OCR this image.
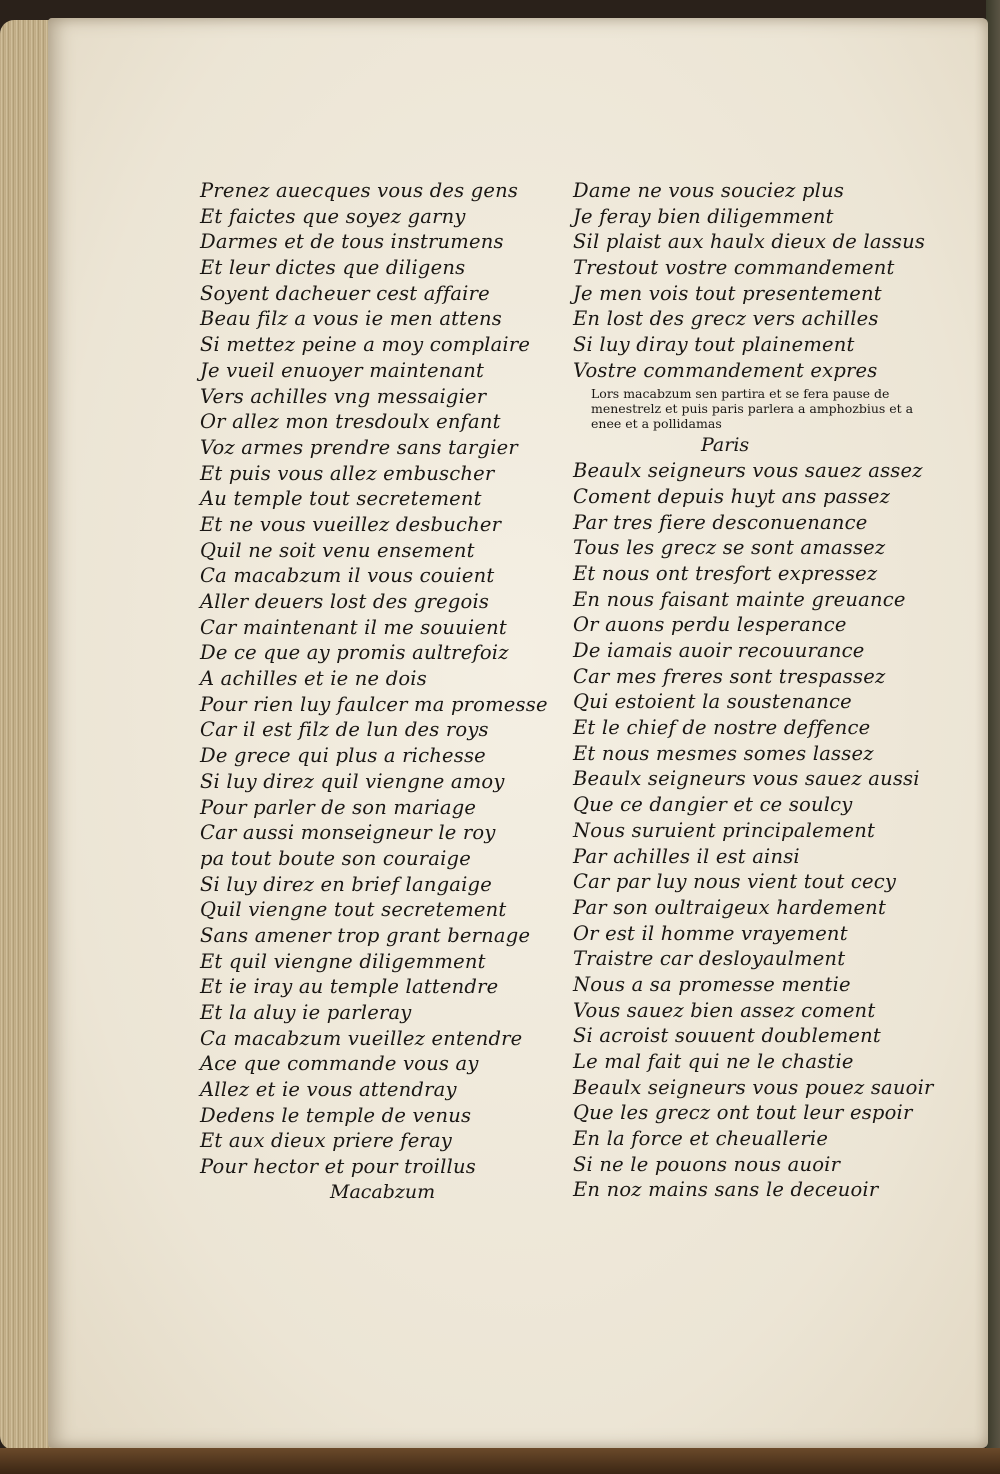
Prenez auecques vous des gens
Et faictes que soyez garny
Darmes et de tous instrumens
Et leur dictes que diligens
Soyent dacheuer cest affaire
Beau filz a vous ie men attens
Si mettez peine a moy complaire
Je vueil enuoyer maintenant
Vers achilles vng messaigier
Or allez mon tresdoulx enfant
Voz armes prendre sans targier
Et puis vous allez embuscher
Au temple tout secretement
Et ne vous vueillez desbucher
Quil ne soit venu ensement
Ca macabzum il vous couient
Aller deuers lost des gregois
Car maintenant il me souuient
De ce que ay promis aultrefoiz
A achilles et ie ne dois
Pour rien luy faulcer ma promesse
Car il est filz de lun des roys
De grece qui plus a richesse
Si luy direz quil viengne amoy
Pour parler de son mariage
Car aussi monseigneur le roy
pa tout boute son couraige
Si luy direz en brief langaige
Quil viengne tout secretement
Sans amener trop grant bernage
Et quil viengne diligemment
Et ie iray au temple lattendre
Et la aluy ie parleray
Ca macabzum vueillez entendre
Ace que commande vous ay
Allez et ie vous attendray
Dedens le temple de venus
Et aux dieux priere feray
Pour hector et pour troillus
Macabzum
Dame ne vous souciez plus
Je feray bien diligemment
Sil plaist aux haulx dieux de lassus
Trestout vostre commandement
Je men vois tout presentement
En lost des grecz vers achilles
Si luy diray tout plainement
Vostre commandement expres
Lors macabzum sen partira et se fera pause de menestrelz et puis paris parlera a amphozbius et a enee et a pollidamas
Paris
Beaulx seigneurs vous sauez assez
Coment depuis huyt ans passez
Par tres fiere desconuenance
Tous les grecz se sont amassez
Et nous ont tresfort expressez
En nous faisant mainte greuance
Or auons perdu lesperance
De iamais auoir recouurance
Car mes freres sont trespassez
Qui estoient la soustenance
Et le chief de nostre deffence
Et nous mesmes somes lassez
Beaulx seigneurs vous sauez aussi
Que ce dangier et ce soulcy
Nous suruient principalement
Par achilles il est ainsi
Car par luy nous vient tout cecy
Par son oultraigeux hardement
Or est il homme vrayement
Traistre car desloyaulment
Nous a sa promesse mentie
Vous sauez bien assez coment
Si acroist souuent doublement
Le mal fait qui ne le chastie
Beaulx seigneurs vous pouez sauoir
Que les grecz ont tout leur espoir
En la force et cheuallerie
Si ne le pouons nous auoir
En noz mains sans le deceuoir
